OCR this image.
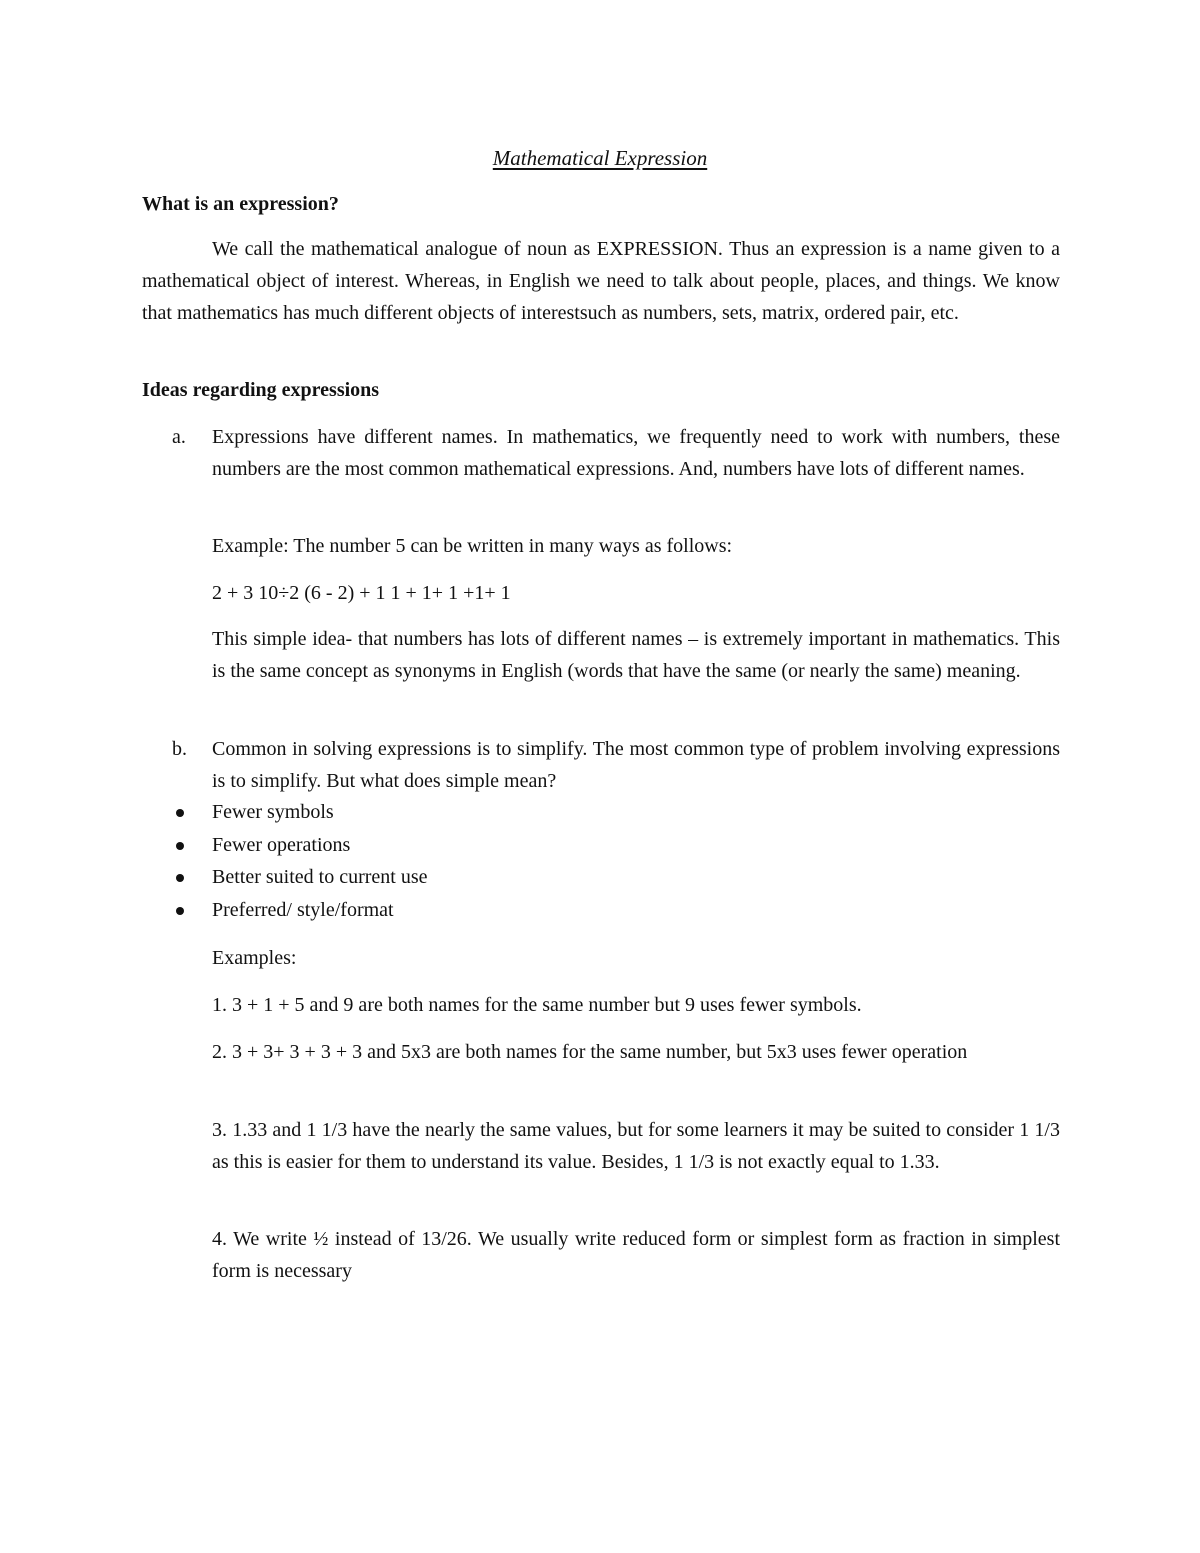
Mathematical Expression
What is an expression?
We call the mathematical analogue of noun as EXPRESSION. Thus an expression is a name given to a mathematical object of interest. Whereas, in English we need to talk about people, places, and things. We know that mathematics has much different objects of interestsuch as numbers, sets, matrix, ordered pair, etc.
Ideas regarding expressions
a. Expressions have different names. In mathematics, we frequently need to work with numbers, these numbers are the most common mathematical expressions. And, numbers have lots of different names.
Example: The number 5 can be written in many ways as follows:
2 + 3 10÷2 (6 - 2) + 1 1 + 1+ 1 +1+ 1
This simple idea- that numbers has lots of different names – is extremely important in mathematics. This is the same concept as synonyms in English (words that have the same (or nearly the same) meaning.
b. Common in solving expressions is to simplify. The most common type of problem involving expressions is to simplify. But what does simple mean?
Fewer symbols
Fewer operations
Better suited to current use
Preferred/ style/format
Examples:
1. 3 + 1 + 5 and 9 are both names for the same number but 9 uses fewer symbols.
2. 3 + 3+ 3 + 3 + 3 and 5x3 are both names for the same number, but 5x3 uses fewer operation
3. 1.33 and 1 1/3 have the nearly the same values, but for some learners it may be suited to consider 1 1/3 as this is easier for them to understand its value. Besides, 1 1/3 is not exactly equal to 1.33.
4. We write ½ instead of 13/26. We usually write reduced form or simplest form as fraction in simplest form is necessary
